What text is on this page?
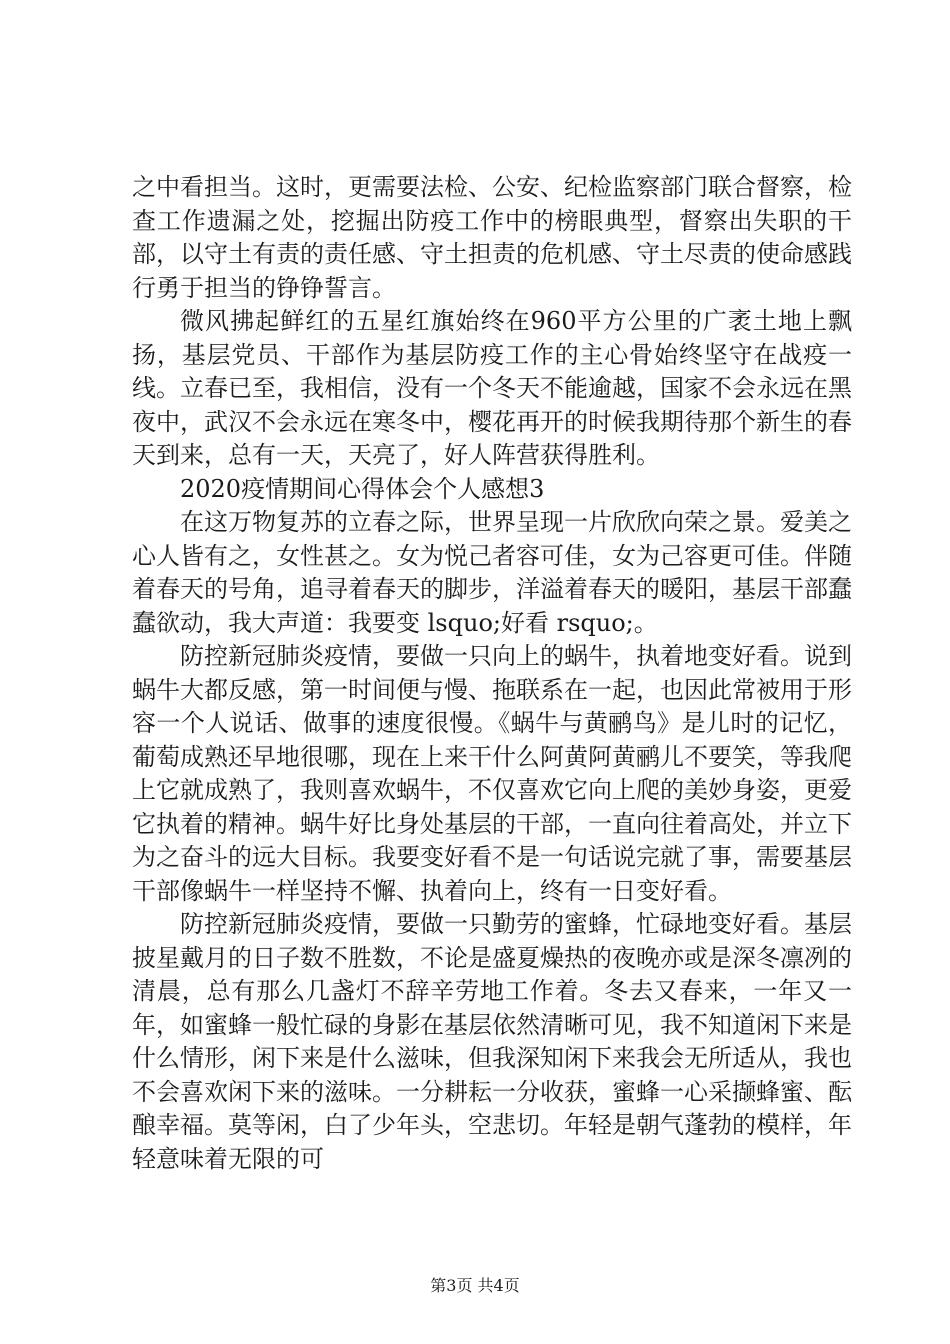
之中看担当。这时，更需要法检、公安、纪检监察部门联合督察，检查工作遗漏之处，挖掘出防疫工作中的榜眼典型，督察出失职的干部，以守土有责的责任感、守土担责的危机感、守土尽责的使命感践行勇于担当的铮铮誓言。

微风拂起鲜红的五星红旗始终在960平方公里的广袤土地上飘扬，基层党员、干部作为基层防疫工作的主心骨始终坚守在战疫一线。立春已至，我相信，没有一个冬天不能逾越，国家不会永远在黑夜中，武汉不会永远在寒冬中，樱花再开的时候我期待那个新生的春天到来，总有一天，天亮了，好人阵营获得胜利。

2020疫情期间心得体会个人感想3

在这万物复苏的立春之际，世界呈现一片欣欣向荣之景。爱美之心人皆有之，女性甚之。女为悦己者容可佳，女为己容更可佳。伴随着春天的号角，追寻着春天的脚步，洋溢着春天的暖阳，基层干部蠢蠢欲动，我大声道：我要变 lsquo;好看 rsquo;。

防控新冠肺炎疫情，要做一只向上的蜗牛，执着地变好看。说到蜗牛大都反感，第一时间便与慢、拖联系在一起，也因此常被用于形容一个人说话、做事的速度很慢。《蜗牛与黄鹂鸟》是儿时的记忆，葡萄成熟还早地很哪，现在上来干什么阿黄阿黄鹂儿不要笑，等我爬上它就成熟了，我则喜欢蜗牛，不仅喜欢它向上爬的美妙身姿，更爱它执着的精神。蜗牛好比身处基层的干部，一直向往着高处，并立下为之奋斗的远大目标。我要变好看不是一句话说完就了事，需要基层干部像蜗牛一样坚持不懈、执着向上，终有一日变好看。

防控新冠肺炎疫情，要做一只勤劳的蜜蜂，忙碌地变好看。基层披星戴月的日子数不胜数，不论是盛夏燥热的夜晚亦或是深冬凛冽的清晨，总有那么几盏灯不辞辛劳地工作着。冬去又春来，一年又一年，如蜜蜂一般忙碌的身影在基层依然清晰可见，我不知道闲下来是什么情形，闲下来是什么滋味，但我深知闲下来我会无所适从，我也不会喜欢闲下来的滋味。一分耕耘一分收获，蜜蜂一心采撷蜂蜜、酝酿幸福。莫等闲，白了少年头，空悲切。年轻是朝气蓬勃的模样，年轻意味着无限的可

第3页 共4页
